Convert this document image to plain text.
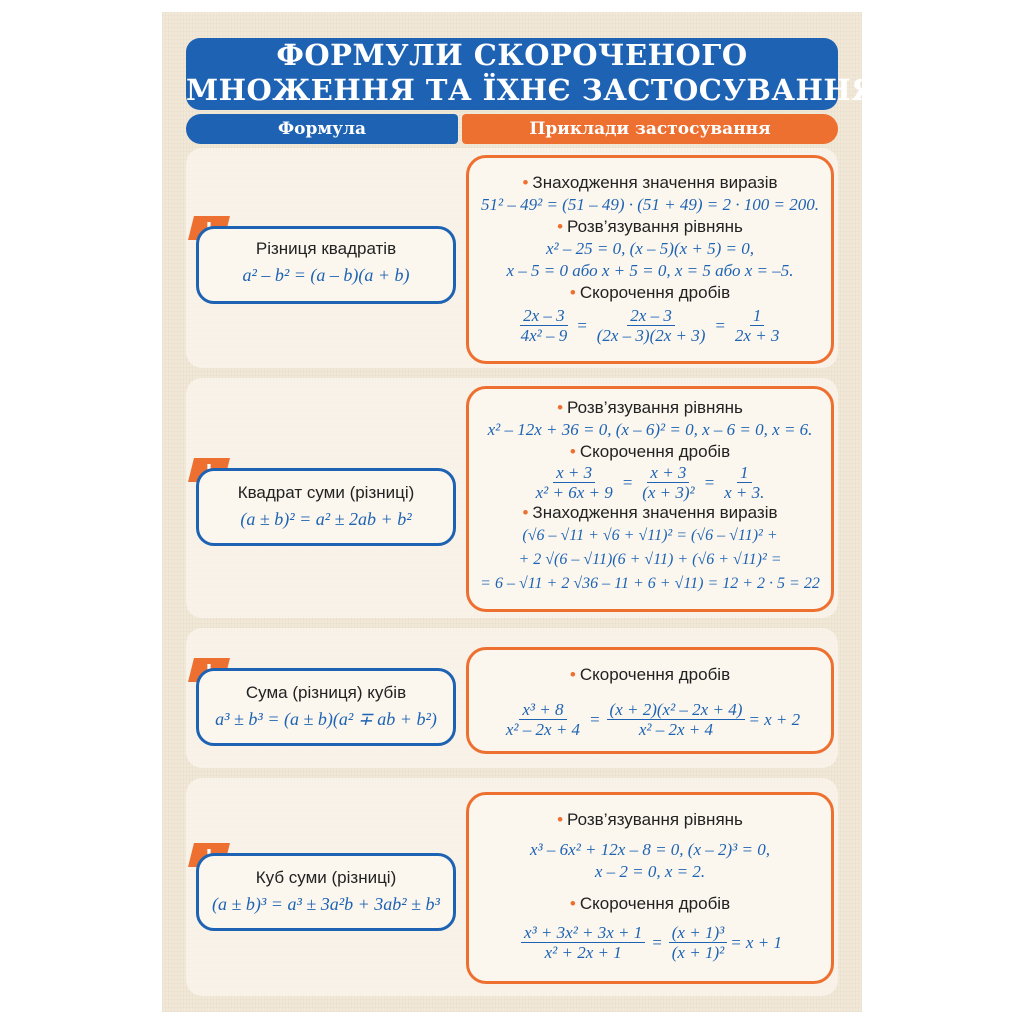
ФОРМУЛИ СКОРОЧЕНОГО
МНОЖЕННЯ ТА ЇХНЄ ЗАСТОСУВАННЯ
Формула	Приклади застосування
Різниця квадратів
a² – b² = (a – b)(a + b)
• Знаходження значення виразів
51² – 49² = (51 – 49) · (51 + 49) = 2 · 100 = 200.
• Розв’язування рівнянь
x² – 25 = 0, (x – 5)(x + 5) = 0,
x – 5 = 0 або x + 5 = 0, x = 5 або x = –5.
• Скорочення дробів
$\frac{2x - 3}{\text{4x² – 9}} = \frac{2x - 3}{(2x - 3)(2x + 3)} = \frac{1}{2x + 3}$
Квадрат суми (різниці)
(a ± b)² = a² ± 2ab + b²
• Розв’язування рівнянь
x² – 12x + 36 = 0, (x – 6)² = 0, x – 6 = 0, x = 6.
• Скорочення дробів
$\frac{x + 3}{\text{x² + 6x + 9}} = \frac{x + 3}{\text{(x + 3)²}} = \frac{1}{x + 3.}$
• Знаходження значення виразів
(√6 – √11 + √6 + √11)² = (√6 – √11)² +
+ 2 √(6 – √11)(6 + √11) + (√6 + √11)² =
= 6 – √11 + 2 √36 – 11 + 6 + √11) = 12 + 2 · 5 = 22
Сума (різниця) кубів
a³ ± b³ = (a ± b)(a² ∓ ab + b²)
• Скорочення дробів
$\frac{\text{x³ + 8}}{\text{x² – 2x + 4}} = \frac{\text{(x + 2)(x² – 2x + 4)}}{\text{x² – 2x + 4}} = x + 2$
Куб суми (різниці)
(a ± b)³ = a³ ± 3a²b + 3ab² ± b³
• Розв’язування рівнянь
x³ – 6x² + 12x – 8 = 0, (x – 2)³ = 0,
x – 2 = 0, x = 2.
• Скорочення дробів
$\frac{\text{x³ + 3x² + 3x + 1}}{\text{x² + 2x + 1}} = \frac{\text{(x + 1)³}}{\text{(x + 1)²}} = x + 1$
